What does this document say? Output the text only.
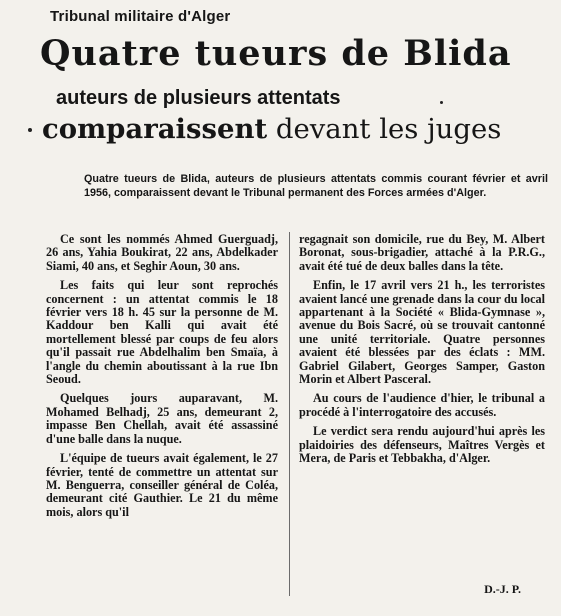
Tribunal militaire d'Alger
Quatre tueurs de Blida
auteurs de plusieurs attentats
comparaissent devant les juges
Quatre tueurs de Blida, auteurs de plusieurs attentats commis courant février et avril 1956, comparaissent devant le Tribunal permanent des Forces armées d'Alger.

Ce sont les nommés Ahmed Guerguadj, 26 ans, Yahia Boukirat, 22 ans, Abdelkader Siami, 40 ans, et Seghir Aoun, 30 ans.

Les faits qui leur sont reprochés concernent : un attentat commis le 18 février vers 18 h. 45 sur la personne de M. Kaddour ben Kalli qui avait été mortellement blessé par coups de feu alors qu'il passait rue Abdelhalim ben Smaïa, à l'angle du chemin aboutissant à la rue Ibn Seoud.

Quelques jours auparavant, M. Mohamed Belhadj, 25 ans, demeurant 2, impasse Ben Chellah, avait été assassiné d'une balle dans la nuque.

L'équipe de tueurs avait également, le 27 février, tenté de commettre un attentat sur M. Benguerra, conseiller général de Coléa, demeurant cité Gauthier. Le 21 du même mois, alors qu'il

regagnait son domicile, rue du Bey, M. Albert Boronat, sous-brigadier, attaché à la P.R.G., avait été tué de deux balles dans la tête.

Enfin, le 17 avril vers 21 h., les terroristes avaient lancé une grenade dans la cour du local appartenant à la Société « Blida-Gymnase », avenue du Bois Sacré, où se trouvait cantonné une unité territoriale. Quatre personnes avaient été blessées par des éclats : MM. Gabriel Gilabert, Georges Samper, Gaston Morin et Albert Pasceral.

Au cours de l'audience d'hier, le tribunal a procédé à l'interrogatoire des accusés.

Le verdict sera rendu aujourd'hui après les plaidoiries des défenseurs, Maîtres Vergès et Mera, de Paris et Tebbakha, d'Alger.

D.-J. P.
